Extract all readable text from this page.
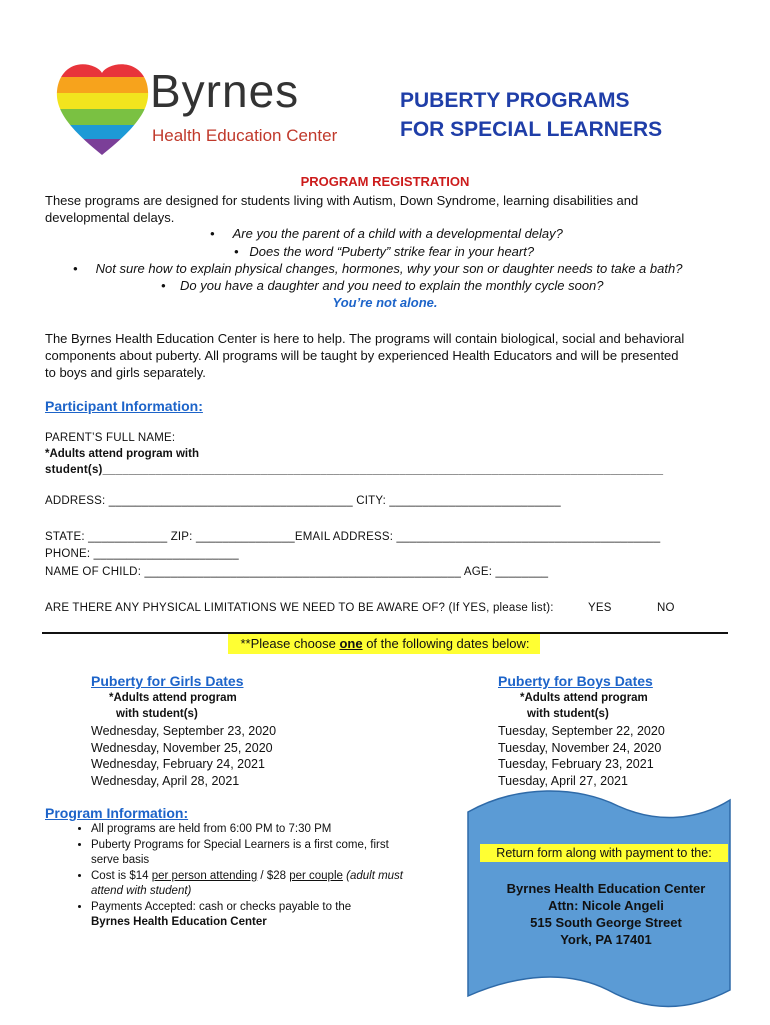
Byrnes
Health Education Center
PUBERTY PROGRAMS
FOR SPECIAL LEARNERS
PROGRAM REGISTRATION
These programs are designed for students living with Autism, Down Syndrome, learning disabilities and
developmental delays.
•     Are you the parent of a child with a developmental delay?
•   Does the word “Puberty” strike fear in your heart?
•     Not sure how to explain physical changes, hormones, why your son or daughter needs to take a bath?
•    Do you have a daughter and you need to explain the monthly cycle soon?
You’re not alone.
The Byrnes Health Education Center is here to help. The programs will contain biological, social and behavioral
components about puberty. All programs will be taught by experienced Health Educators and will be presented
to boys and girls separately.
Participant Information:
PARENT’S FULL NAME:
*Adults attend program with
student(s)_____________________________________________________________________________________
ADDRESS: _____________________________________ CITY: __________________________
STATE: ____________ ZIP: _______________EMAIL ADDRESS: ________________________________________
PHONE: ______________________
NAME OF CHILD: ________________________________________________ AGE: ________
ARE THERE ANY PHYSICAL LIMITATIONS WE NEED TO BE AWARE OF? (If YES, please list):	YES	NO
**Please choose one of the following dates below:
Puberty for Girls Dates
*Adults attend program
with student(s)
Wednesday, September 23, 2020
Wednesday, November 25, 2020
Wednesday, February 24, 2021
Wednesday, April 28, 2021
Puberty for Boys Dates
*Adults attend program
with student(s)
Tuesday, September 22, 2020
Tuesday, November 24, 2020
Tuesday, February 23, 2021
Tuesday, April 27, 2021
Program Information:
• All programs are held from 6:00 PM to 7:30 PM
• Puberty Programs for Special Learners is a first come, first
serve basis
• Cost is $14 per person attending / $28 per couple (adult must
attend with student)
• Payments Accepted: cash or checks payable to the
Byrnes Health Education Center
Return form along with payment to the:
Byrnes Health Education Center
Attn: Nicole Angeli
515 South George Street
York, PA 17401
